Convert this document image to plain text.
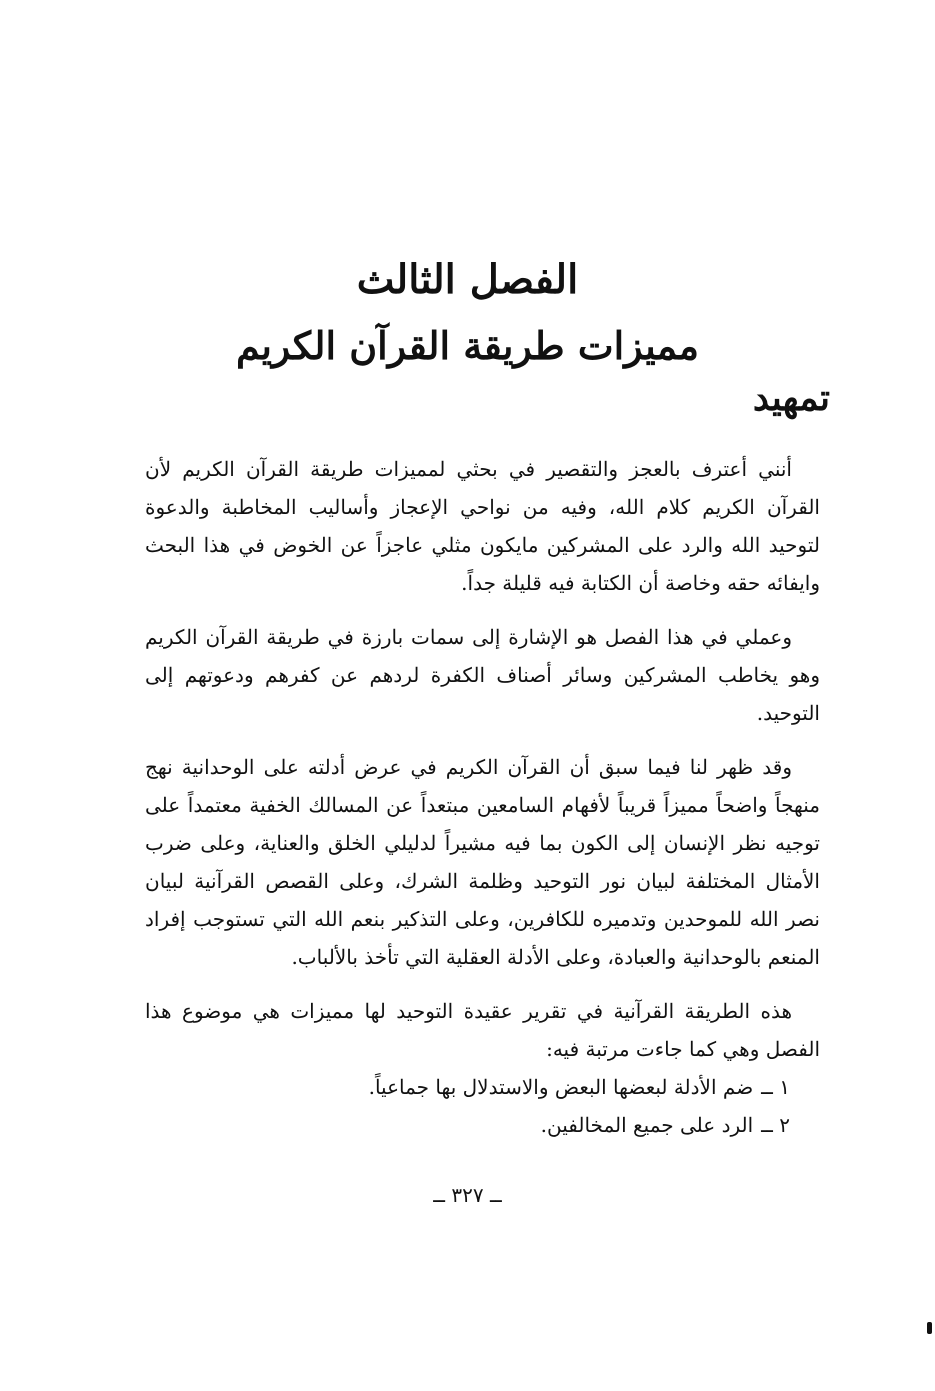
الفصل الثالث
مميزات طريقة القرآن الكريم
تمهيد

أنني أعترف بالعجز والتقصير في بحثي لمميزات طريقة القرآن الكريم لأن القرآن الكريم كلام الله، وفيه من نواحي الإعجاز وأساليب المخاطبة والدعوة لتوحيد الله والرد على المشركين مايكون مثلي عاجزاً عن الخوض في هذا البحث وايفائه حقه وخاصة أن الكتابة فيه قليلة جداً.

وعملي في هذا الفصل هو الإشارة إلى سمات بارزة في طريقة القرآن الكريم وهو يخاطب المشركين وسائر أصناف الكفرة لردهم عن كفرهم ودعوتهم إلى التوحيد.

وقد ظهر لنا فيما سبق أن القرآن الكريم في عرض أدلته على الوحدانية نهج منهجاً واضحاً مميزاً قريباً لأفهام السامعين مبتعداً عن المسالك الخفية معتمداً على توجيه نظر الإنسان إلى الكون بما فيه مشيراً لدليلي الخلق والعناية، وعلى ضرب الأمثال المختلفة لبيان نور التوحيد وظلمة الشرك، وعلى القصص القرآنية لبيان نصر الله للموحدين وتدميره للكافرين، وعلى التذكير بنعم الله التي تستوجب إفراد المنعم بالوحدانية والعبادة، وعلى الأدلة العقلية التي تأخذ بالألباب.

هذه الطريقة القرآنية في تقرير عقيدة التوحيد لها مميزات هي موضوع هذا الفصل وهي كما جاءت مرتبة فيه:

١ ــضم الأدلة لبعضها البعض والاستدلال بها جماعياً.

٢ ــالرد على جميع المخالفين.

ــ ٣٢٧ ــ
